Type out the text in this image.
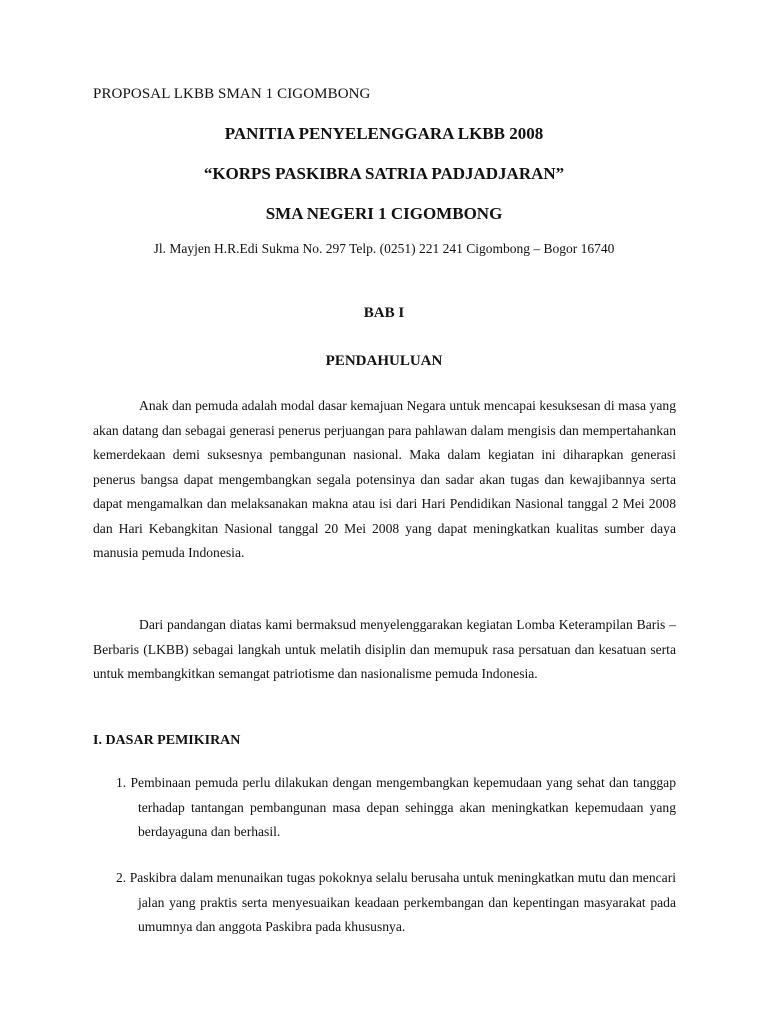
PROPOSAL LKBB SMAN 1 CIGOMBONG
PANITIA PENYELENGGARA LKBB 2008
“KORPS PASKIBRA SATRIA PADJADJARAN”
SMA NEGERI 1 CIGOMBONG
Jl. Mayjen H.R.Edi Sukma No. 297 Telp. (0251) 221 241 Cigombong – Bogor 16740
BAB I
PENDAHULUAN

Anak dan pemuda adalah modal dasar kemajuan Negara untuk mencapai kesuksesan di masa yang akan datang dan sebagai generasi penerus perjuangan para pahlawan dalam mengisis dan mempertahankan kemerdekaan demi suksesnya pembangunan nasional. Maka dalam kegiatan ini diharapkan generasi penerus bangsa dapat mengembangkan segala potensinya dan sadar akan tugas dan kewajibannya serta dapat mengamalkan dan melaksanakan makna atau isi dari Hari Pendidikan Nasional tanggal 2 Mei 2008 dan Hari Kebangkitan Nasional tanggal 20 Mei 2008 yang dapat meningkatkan kualitas sumber daya manusia pemuda Indonesia.

Dari pandangan diatas kami bermaksud menyelenggarakan kegiatan Lomba Keterampilan Baris – Berbaris (LKBB) sebagai langkah untuk melatih disiplin dan memupuk rasa persatuan dan kesatuan serta untuk membangkitkan semangat patriotisme dan nasionalisme pemuda Indonesia.

I. DASAR PEMIKIRAN

1. Pembinaan pemuda perlu dilakukan dengan mengembangkan kepemudaan yang sehat dan tanggap terhadap tantangan pembangunan masa depan sehingga akan meningkatkan kepemudaan yang berdayaguna dan berhasil.

2. Paskibra dalam menunaikan tugas pokoknya selalu berusaha untuk meningkatkan mutu dan mencari jalan yang praktis serta menyesuaikan keadaan perkembangan dan kepentingan masyarakat pada umumnya dan anggota Paskibra pada khususnya.
